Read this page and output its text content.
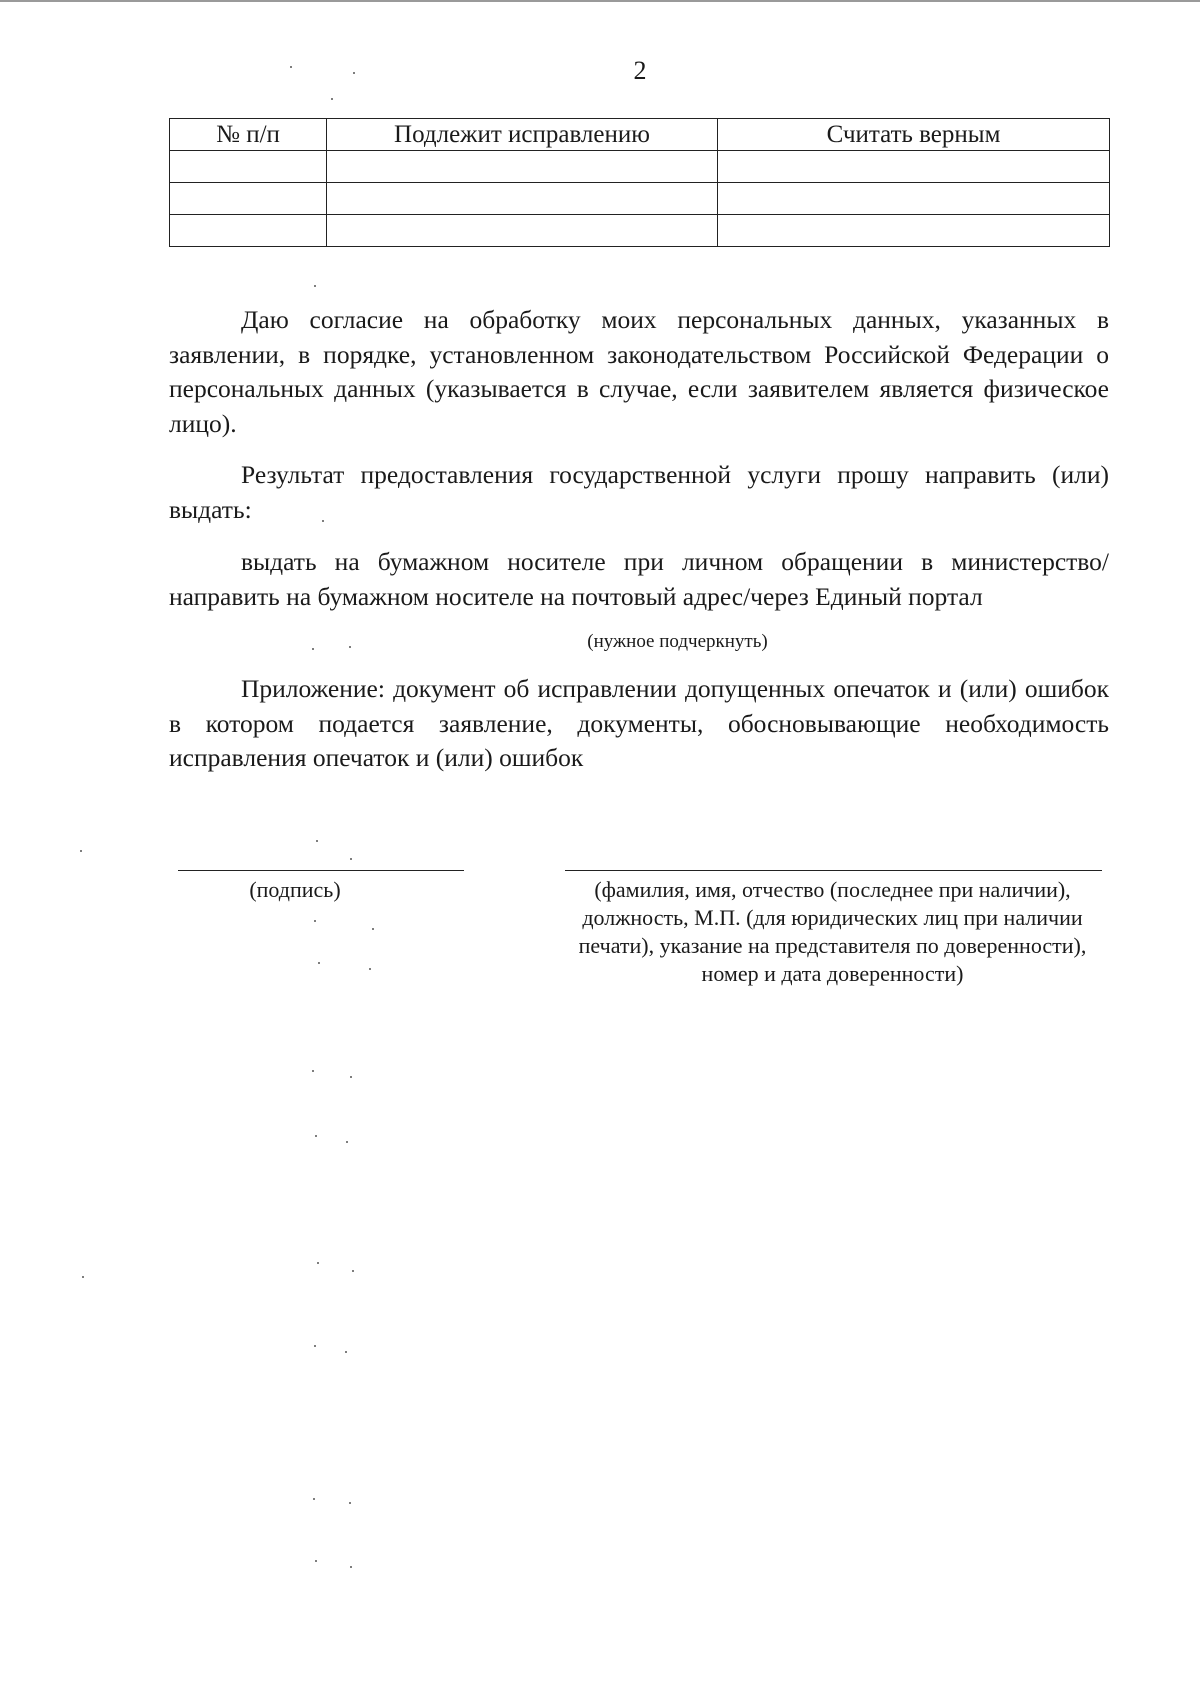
2
№ п/п	Подлежит исправлению	Считать верным

Даю согласие на обработку моих персональных данных, указанных в заявлении, в порядке, установленном законодательством Российской Федерации о персональных данных (указывается в случае, если заявителем является физическое лицо).

Результат предоставления государственной услуги прошу направить (или) выдать:

выдать на бумажном носителе при личном обращении в министерство/ направить на бумажном носителе на почтовый адрес/через Единый портал

(нужное подчеркнуть)

Приложение: документ об исправлении допущенных опечаток и (или) ошибок в котором подается заявление, документы, обосновывающие необходимость исправления опечаток и (или) ошибок

(подпись)	(фамилия, имя, отчество (последнее при наличии), должность, М.П. (для юридических лиц при наличии печати), указание на представителя по доверенности), номер и дата доверенности)
